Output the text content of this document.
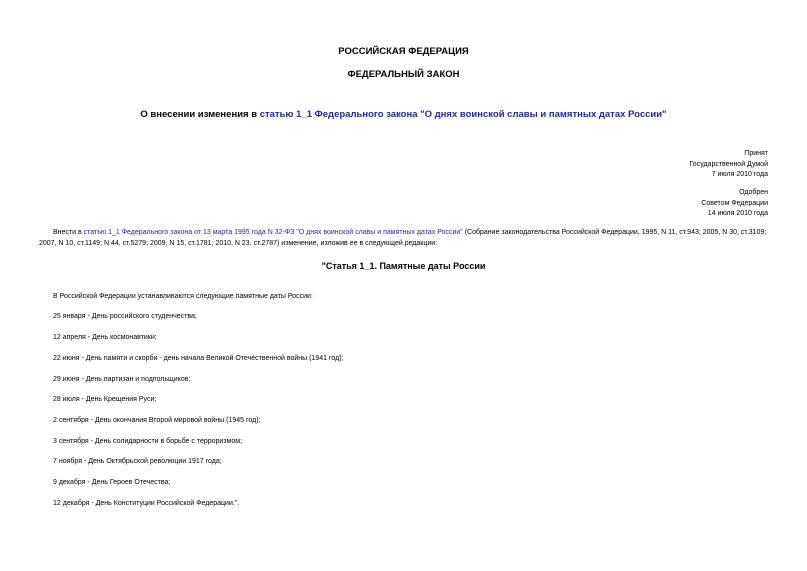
РОССИЙСКАЯ ФЕДЕРАЦИЯ
ФЕДЕРАЛЬНЫЙ ЗАКОН
О внесении изменения в статью 1_1 Федерального закона "О днях воинской славы и памятных датах России"
Принят
Государственной Думой
7 июля 2010 года
Одобрен
Советом Федерации
14 июля 2010 года
Внести в статью 1_1 Федерального закона от 13 марта 1995 года N 32-ФЗ "О днях воинской славы и памятных датах России" (Собрание законодательства Российской Федерации, 1995, N 11, ст.943; 2005, N 30, ст.3109; 2007, N 10, ст.1149; N 44, ст.5279; 2009, N 15, ст.1781; 2010, N 23, ст.2787) изменение, изложив ее в следующей редакции:
"Статья 1_1. Памятные даты России
В Российской Федерации устанавливаются следующие памятные даты России:
25 января - День российского студенчества;
12 апреля - День космонавтики;
22 июня - День памяти и скорби - день начала Великой Отечественной войны (1941 год);
29 июня - День партизан и подпольщиков;
28 июля - День Крещения Руси;
2 сентября - День окончания Второй мировой войны (1945 год);
3 сентября - День солидарности в борьбе с терроризмом;
7 ноября - День Октябрьской революции 1917 года;
9 декабря - День Героев Отечества;
12 декабря - День Конституции Российской Федерации.".
